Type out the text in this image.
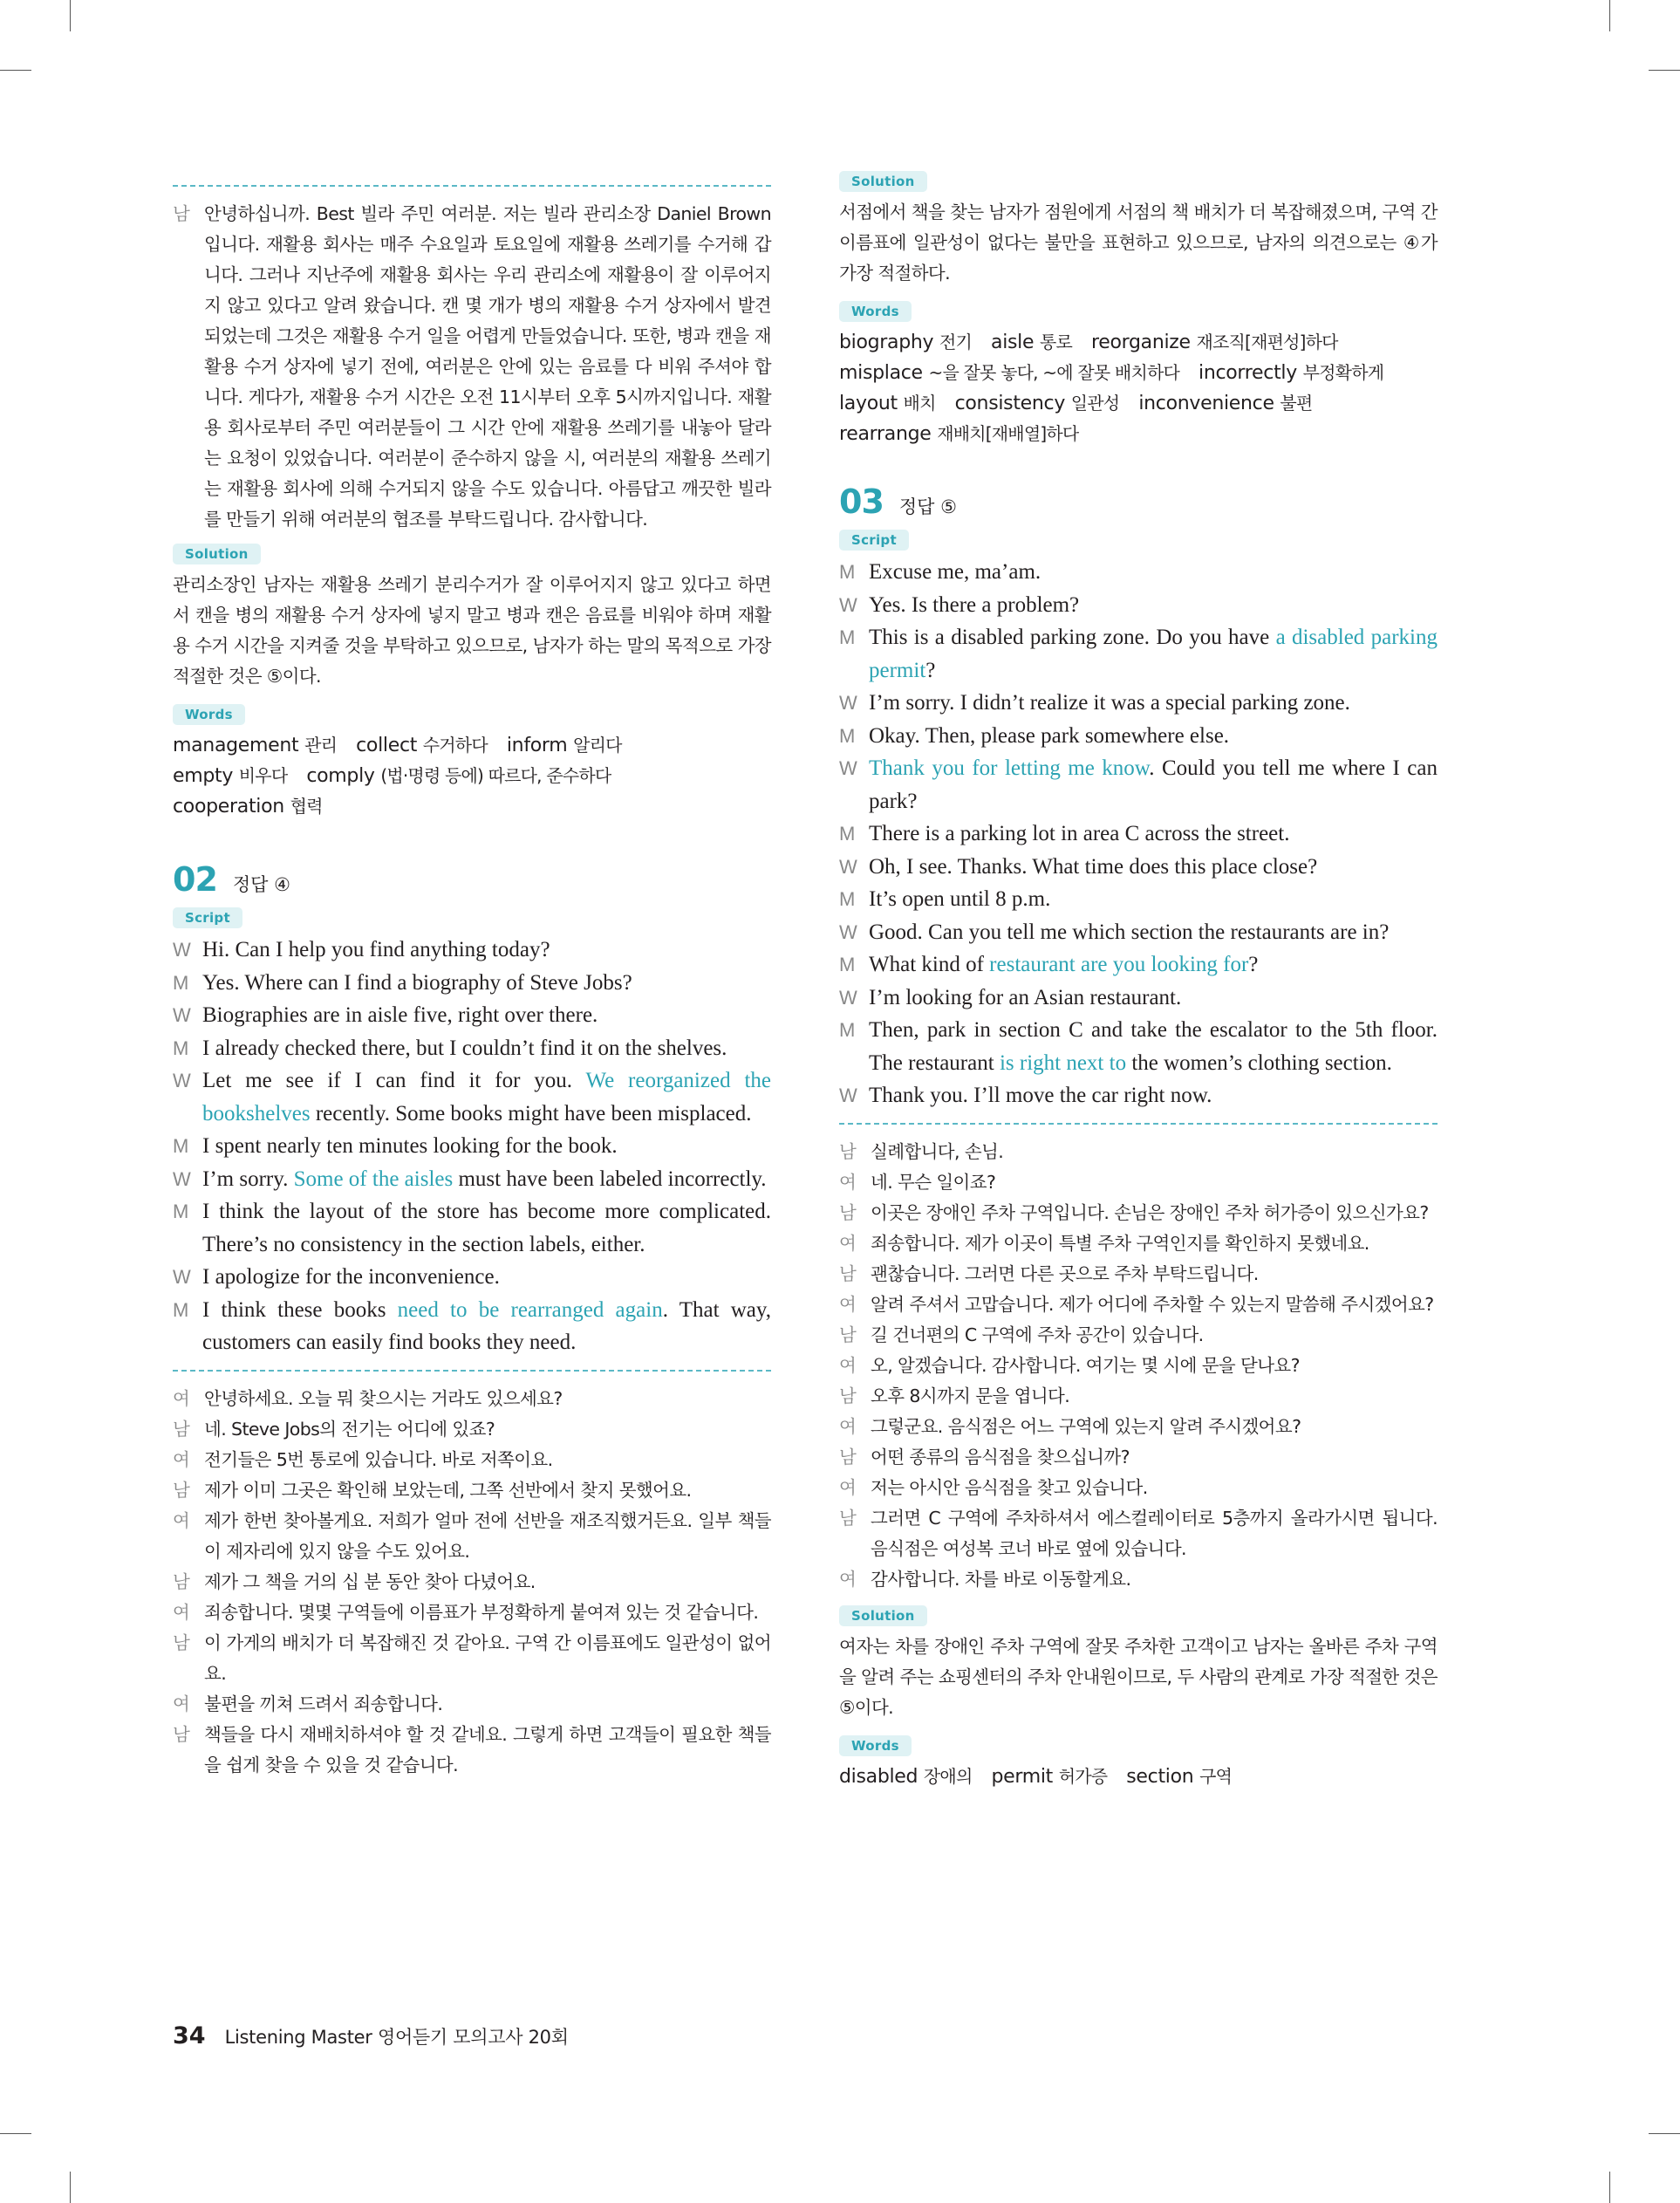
남 안녕하십니까. Best 빌라 주민 여러분. 저는 빌라 관리소장 Daniel Brown입니다. 재활용 회사는 매주 수요일과 토요일에 재활용 쓰레기를 수거해 갑니다. 그러나 지난주에 재활용 회사는 우리 관리소에 재활용이 잘 이루어지지 않고 있다고 알려 왔습니다. 캔 몇 개가 병의 재활용 수거 상자에서 발견되었는데 그것은 재활용 수거 일을 어렵게 만들었습니다. 또한, 병과 캔을 재활용 수거 상자에 넣기 전에, 여러분은 안에 있는 음료를 다 비워 주셔야 합니다. 게다가, 재활용 수거 시간은 오전 11시부터 오후 5시까지입니다. 재활용 회사로부터 주민 여러분들이 그 시간 안에 재활용 쓰레기를 내놓아 달라는 요청이 있었습니다. 여러분이 준수하지 않을 시, 여러분의 재활용 쓰레기는 재활용 회사에 의해 수거되지 않을 수도 있습니다. 아름답고 깨끗한 빌라를 만들기 위해 여러분의 협조를 부탁드립니다. 감사합니다.
Solution
관리소장인 남자는 재활용 쓰레기 분리수거가 잘 이루어지지 않고 있다고 하면서 캔을 병의 재활용 수거 상자에 넣지 말고 병과 캔은 음료를 비워야 하며 재활용 수거 시간을 지켜줄 것을 부탁하고 있으므로, 남자가 하는 말의 목적으로 가장 적절한 것은 ⑤이다.
Words
management 관리 collect 수거하다 inform 알리다
empty 비우다 comply (법·명령 등에) 따르다, 준수하다
cooperation 협력
02 정답 ④
Script
W Hi. Can I help you find anything today?
M Yes. Where can I find a biography of Steve Jobs?
W Biographies are in aisle five, right over there.
M I already checked there, but I couldn’t find it on the shelves.
W Let me see if I can find it for you. We reorganized the bookshelves recently. Some books might have been misplaced.
M I spent nearly ten minutes looking for the book.
W I’m sorry. Some of the aisles must have been labeled incorrectly.
M I think the layout of the store has become more complicated. There’s no consistency in the section labels, either.
W I apologize for the inconvenience.
M I think these books need to be rearranged again. That way, customers can easily find books they need.
여 안녕하세요. 오늘 뭐 찾으시는 거라도 있으세요?
남 네. Steve Jobs의 전기는 어디에 있죠?
여 전기들은 5번 통로에 있습니다. 바로 저쪽이요.
남 제가 이미 그곳은 확인해 보았는데, 그쪽 선반에서 찾지 못했어요.
여 제가 한번 찾아볼게요. 저희가 얼마 전에 선반을 재조직했거든요. 일부 책들이 제자리에 있지 않을 수도 있어요.
남 제가 그 책을 거의 십 분 동안 찾아 다녔어요.
여 죄송합니다. 몇몇 구역들에 이름표가 부정확하게 붙여져 있는 것 같습니다.
남 이 가게의 배치가 더 복잡해진 것 같아요. 구역 간 이름표에도 일관성이 없어요.
여 불편을 끼쳐 드려서 죄송합니다.
남 책들을 다시 재배치하셔야 할 것 같네요. 그렇게 하면 고객들이 필요한 책들을 쉽게 찾을 수 있을 것 같습니다.
Solution
서점에서 책을 찾는 남자가 점원에게 서점의 책 배치가 더 복잡해졌으며, 구역 간 이름표에 일관성이 없다는 불만을 표현하고 있으므로, 남자의 의견으로는 ④가 가장 적절하다.
Words
biography 전기 aisle 통로 reorganize 재조직[재편성]하다
misplace ~을 잘못 놓다, ~에 잘못 배치하다 incorrectly 부정확하게
layout 배치 consistency 일관성 inconvenience 불편
rearrange 재배치[재배열]하다
03 정답 ⑤
Script
M Excuse me, ma’am.
W Yes. Is there a problem?
M This is a disabled parking zone. Do you have a disabled parking permit?
W I’m sorry. I didn’t realize it was a special parking zone.
M Okay. Then, please park somewhere else.
W Thank you for letting me know. Could you tell me where I can park?
M There is a parking lot in area C across the street.
W Oh, I see. Thanks. What time does this place close?
M It’s open until 8 p.m.
W Good. Can you tell me which section the restaurants are in?
M What kind of restaurant are you looking for?
W I’m looking for an Asian restaurant.
M Then, park in section C and take the escalator to the 5th floor. The restaurant is right next to the women’s clothing section.
W Thank you. I’ll move the car right now.
남 실례합니다, 손님.
여 네. 무슨 일이죠?
남 이곳은 장애인 주차 구역입니다. 손님은 장애인 주차 허가증이 있으신가요?
여 죄송합니다. 제가 이곳이 특별 주차 구역인지를 확인하지 못했네요.
남 괜찮습니다. 그러면 다른 곳으로 주차 부탁드립니다.
여 알려 주셔서 고맙습니다. 제가 어디에 주차할 수 있는지 말씀해 주시겠어요?
남 길 건너편의 C 구역에 주차 공간이 있습니다.
여 오, 알겠습니다. 감사합니다. 여기는 몇 시에 문을 닫나요?
남 오후 8시까지 문을 엽니다.
여 그렇군요. 음식점은 어느 구역에 있는지 알려 주시겠어요?
남 어떤 종류의 음식점을 찾으십니까?
여 저는 아시안 음식점을 찾고 있습니다.
남 그러면 C 구역에 주차하셔서 에스컬레이터로 5층까지 올라가시면 됩니다. 음식점은 여성복 코너 바로 옆에 있습니다.
여 감사합니다. 차를 바로 이동할게요.
Solution
여자는 차를 장애인 주차 구역에 잘못 주차한 고객이고 남자는 올바른 주차 구역을 알려 주는 쇼핑센터의 주차 안내원이므로, 두 사람의 관계로 가장 적절한 것은 ⑤이다.
Words
disabled 장애의 permit 허가증 section 구역
34 Listening Master 영어듣기 모의고사 20회
